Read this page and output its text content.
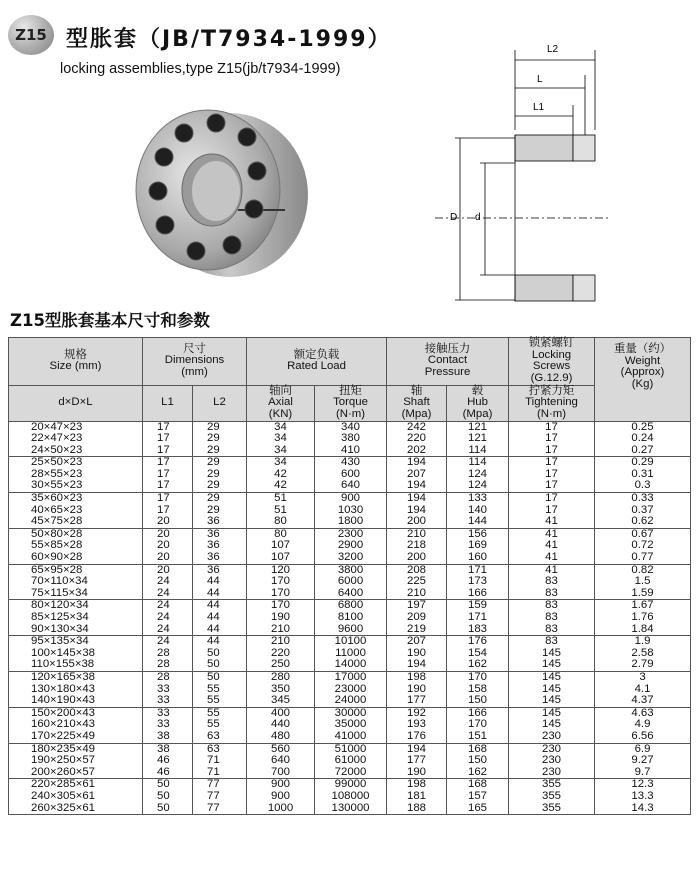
Z15 型胀套（JB/T7934-1999）
locking assemblies,type Z15(jb/t7934-1999)
L2
L
L1
D d
Z15型胀套基本尺寸和参数
规格
Size (mm)	尺寸
Dimensions
(mm)		额定负载
Rated Load		接触压力
Contact
Pressure		锁紧螺钉
Locking
Screws
(G.12.9)	重量（约）
Weight
(Approx)
(Kg)
d×D×L	L1	L2	轴向
Axial
(KN)	扭矩
Torque
(N·m)	轴
Shaft
(Mpa)	毂
Hub
(Mpa)	拧紧力矩
Tightening
(N·m)	
20×47×23	17	29	34	340	242	121	17	0.25
22×47×23	17	29	34	380	220	121	17	0.24
24×50×23	17	29	34	410	202	114	17	0.27
25×50×23	17	29	34	430	194	114	17	0.29
28×55×23	17	29	42	600	207	124	17	0.31
30×55×23	17	29	42	640	194	124	17	0.3
35×60×23	17	29	51	900	194	133	17	0.33
40×65×23	17	29	51	1030	194	140	17	0.37
45×75×28	20	36	80	1800	200	144	41	0.62
50×80×28	20	36	80	2300	210	156	41	0.67
55×85×28	20	36	107	2900	218	169	41	0.72
60×90×28	20	36	107	3200	200	160	41	0.77
65×95×28	20	36	120	3800	208	171	41	0.82
70×110×34	24	44	170	6000	225	173	83	1.5
75×115×34	24	44	170	6400	210	166	83	1.59
80×120×34	24	44	170	6800	197	159	83	1.67
85×125×34	24	44	190	8100	209	171	83	1.76
90×130×34	24	44	210	9600	219	183	83	1.84
95×135×34	24	44	210	10100	207	176	83	1.9
100×145×38	28	50	220	11000	190	154	145	2.58
110×155×38	28	50	250	14000	194	162	145	2.79
120×165×38	28	50	280	17000	198	170	145	3
130×180×43	33	55	350	23000	190	158	145	4.1
140×190×43	33	55	345	24000	177	150	145	4.37
150×200×43	33	55	400	30000	192	166	145	4.63
160×210×43	33	55	440	35000	193	170	145	4.9
170×225×49	38	63	480	41000	176	151	230	6.56
180×235×49	38	63	560	51000	194	168	230	6.9
190×250×57	46	71	640	61000	177	150	230	9.27
200×260×57	46	71	700	72000	190	162	230	9.7
220×285×61	50	77	900	99000	198	168	355	12.3
240×305×61	50	77	900	108000	181	157	355	13.3
260×325×61	50	77	1000	130000	188	165	355	14.3
